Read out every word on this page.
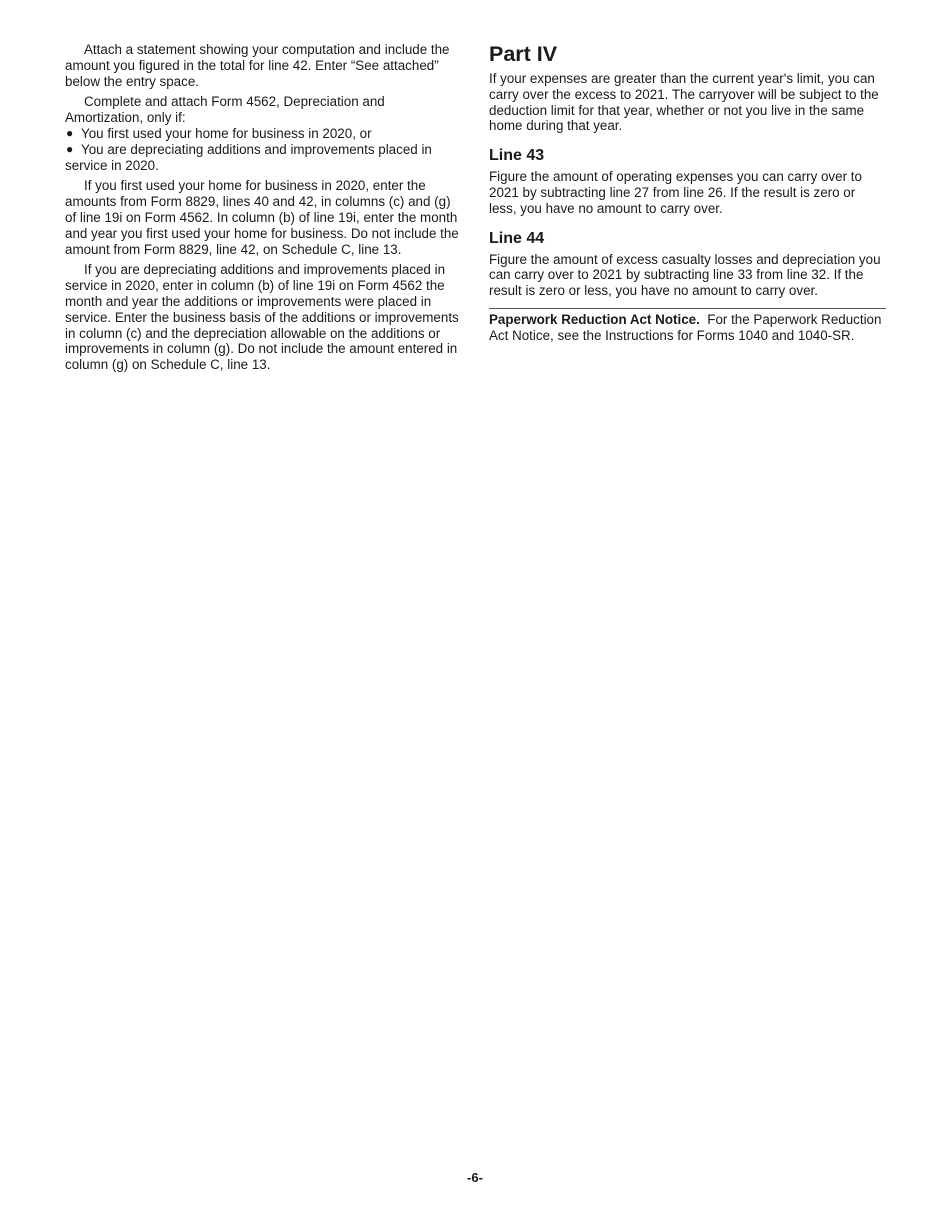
Attach a statement showing your computation and include the amount you figured in the total for line 42. Enter “See attached” below the entry space.

Complete and attach Form 4562, Depreciation and Amortization, only if:

● You first used your home for business in 2020, or
● You are depreciating additions and improvements placed in service in 2020.

If you first used your home for business in 2020, enter the amounts from Form 8829, lines 40 and 42, in columns (c) and (g) of line 19i on Form 4562. In column (b) of line 19i, enter the month and year you first used your home for business. Do not include the amount from Form 8829, line 42, on Schedule C, line 13.

If you are depreciating additions and improvements placed in service in 2020, enter in column (b) of line 19i on Form 4562 the month and year the additions or improvements were placed in service. Enter the business basis of the additions or improvements in column (c) and the depreciation allowable on the additions or improvements in column (g). Do not include the amount entered in column (g) on Schedule C, line 13.

Part IV

If your expenses are greater than the current year's limit, you can carry over the excess to 2021. The carryover will be subject to the deduction limit for that year, whether or not you live in the same home during that year.

Line 43

Figure the amount of operating expenses you can carry over to 2021 by subtracting line 27 from line 26. If the result is zero or less, you have no amount to carry over.

Line 44

Figure the amount of excess casualty losses and depreciation you can carry over to 2021 by subtracting line 33 from line 32. If the result is zero or less, you have no amount to carry over.

Paperwork Reduction Act Notice. For the Paperwork Reduction Act Notice, see the Instructions for Forms 1040 and 1040-SR.

-6-
